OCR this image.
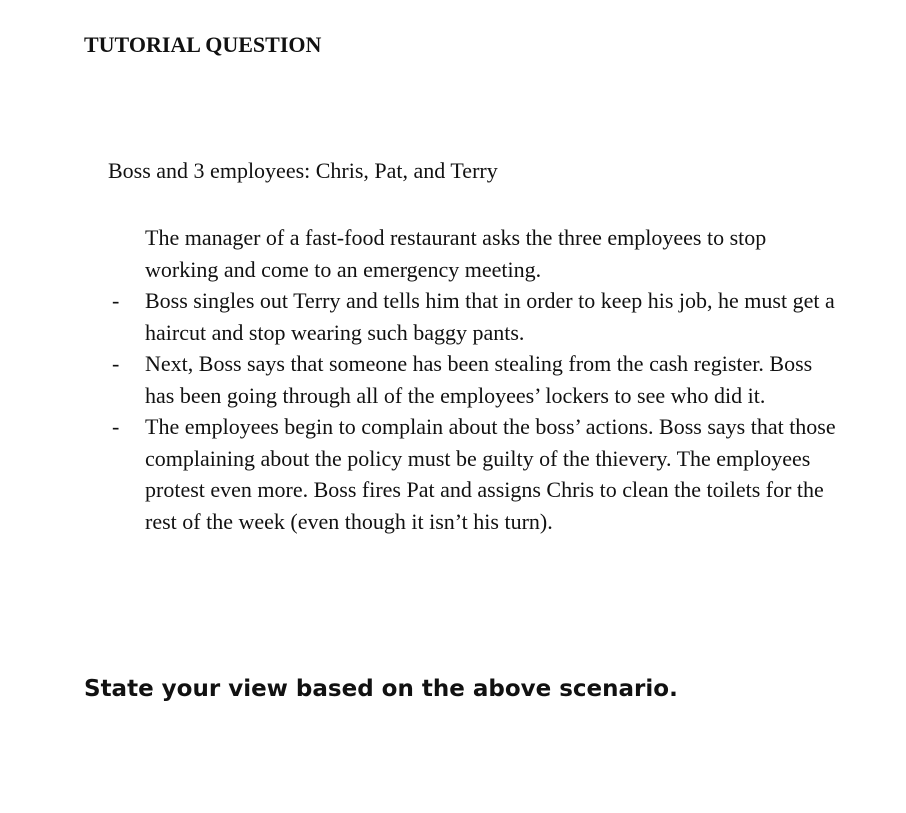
TUTORIAL QUESTION
Boss and 3 employees: Chris, Pat, and Terry

The manager of a fast-food restaurant asks the three employees to stop working and come to an emergency meeting.

- Boss singles out Terry and tells him that in order to keep his job, he must get a haircut and stop wearing such baggy pants.
- Next, Boss says that someone has been stealing from the cash register. Boss has been going through all of the employees’ lockers to see who did it.
- The employees begin to complain about the boss’ actions. Boss says that those complaining about the policy must be guilty of the thievery. The employees protest even more. Boss fires Pat and assigns Chris to clean the toilets for the rest of the week (even though it isn’t his turn).
State your view based on the above scenario.
